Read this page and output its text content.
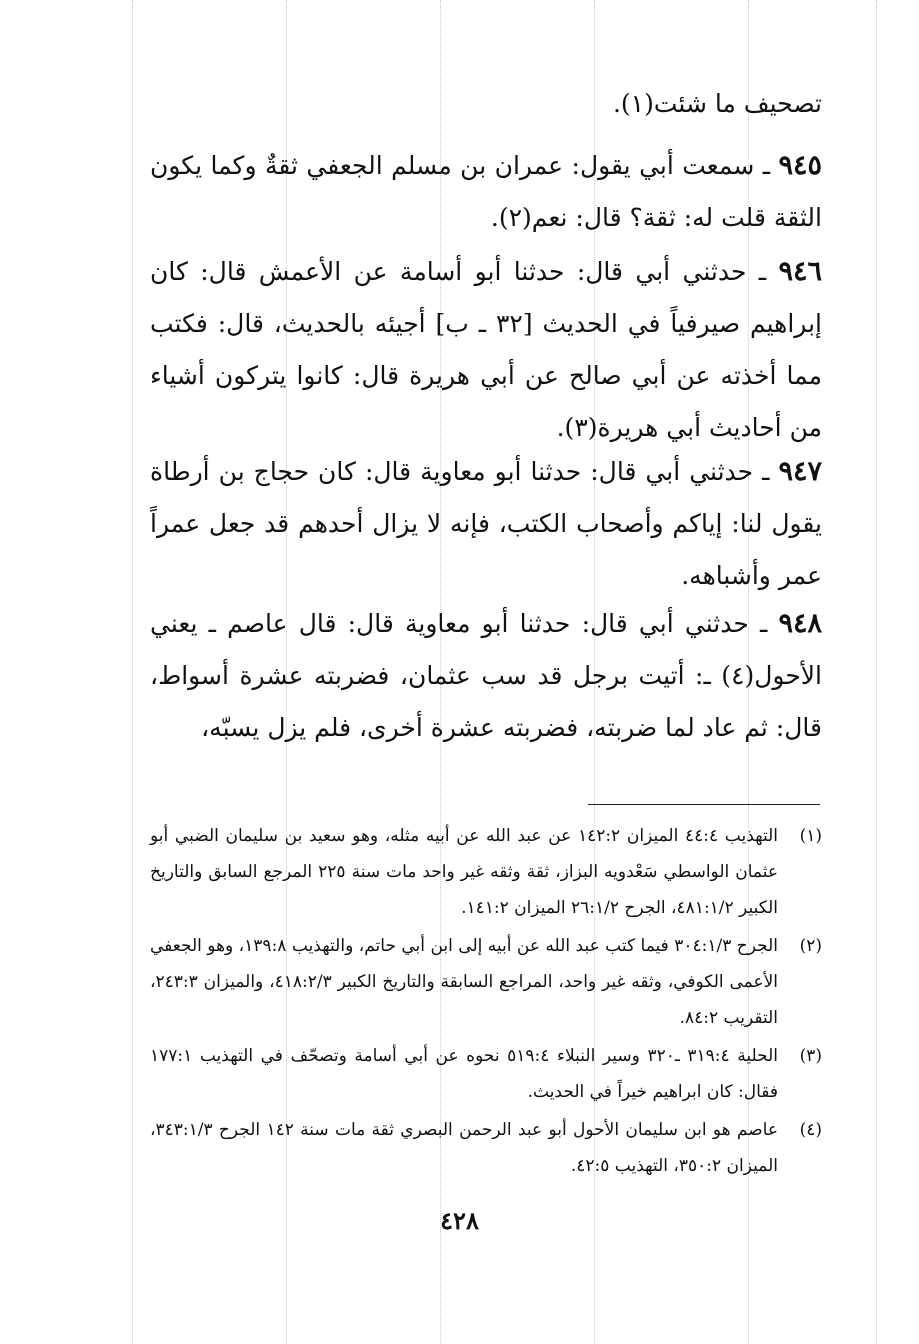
تصحيف ما شئت(١).

٩٤٥ ـ سمعت أبي يقول: عمران بن مسلم الجعفي ثقةٌ وكما يكون الثقة قلت له: ثقة؟ قال: نعم(٢).

٩٤٦ ـ حدثني أبي قال: حدثنا أبو أسامة عن الأعمش قال: كان إبراهيم صيرفياً في الحديث [٣٢ ـ ب] أجيئه بالحديث، قال: فكتب مما أخذته عن أبي صالح عن أبي هريرة قال: كانوا يتركون أشياء من أحاديث أبي هريرة(٣).

٩٤٧ ـ حدثني أبي قال: حدثنا أبو معاوية قال: كان حجاج بن أرطاة يقول لنا: إياكم وأصحاب الكتب، فإنه لا يزال أحدهم قد جعل عمراً عمر وأشباهه.

٩٤٨ ـ حدثني أبي قال: حدثنا أبو معاوية قال: قال عاصم ـ يعني الأحول(٤) ـ: أتيت برجل قد سب عثمان، فضربته عشرة أسواط، قال: ثم عاد لما ضربته، فضربته عشرة أخرى، فلم يزل يسبّه،

(١)
التهذيب ٤٤:٤ الميزان ١٤٢:٢ عن عبد الله عن أبيه مثله، وهو سعيد بن سليمان الضبي أبو عثمان الواسطي سَعْدويه البزاز، ثقة وثقه غير واحد مات سنة ٢٢٥ المرجع السابق والتاريخ الكبير ٤٨١:١/٢، الجرح ٢٦:١/٢ الميزان ١٤١:٢.
(٢)
الجرح ٣٠٤:١/٣ فيما كتب عبد الله عن أبيه إلى ابن أبي حاتم، والتهذيب ١٣٩:٨، وهو الجعفي الأعمى الكوفي، وثقه غير واحد، المراجع السابقة والتاريخ الكبير ٤١٨:٢/٣، والميزان ٢٤٣:٣، التقريب ٨٤:٢.
(٣)
الحلية ٣١٩:٤ ـ٣٢٠ وسير النبلاء ٥١٩:٤ نحوه عن أبي أسامة وتصحّف في التهذيب ١٧٧:١ فقال: كان ابراهيم خيراً في الحديث.
(٤)
عاصم هو ابن سليمان الأحول أبو عبد الرحمن البصري ثقة مات سنة ١٤٢ الجرح ٣٤٣:١/٣، الميزان ٣٥٠:٢، التهذيب ٤٢:٥.
٤٢٨
